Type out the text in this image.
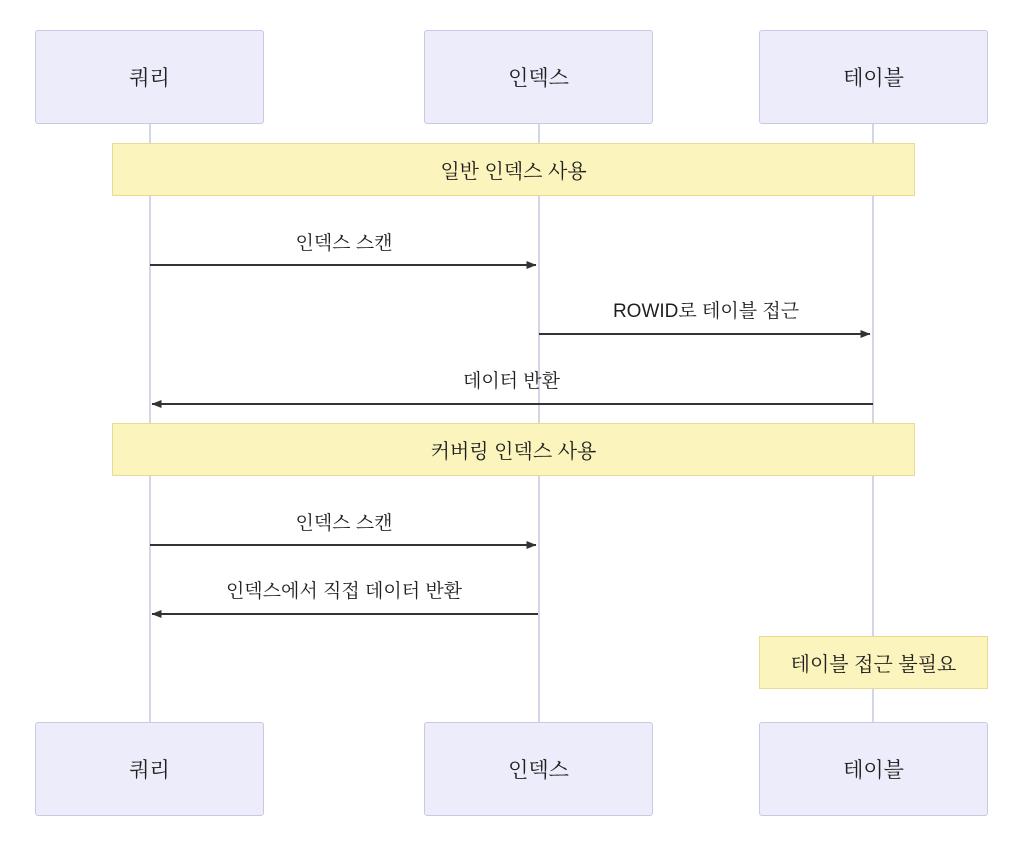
쿼리	인덱스	테이블
일반 인덱스 사용
커버링 인덱스 사용
테이블 접근 불필요
인덱스 스캔
ROWID로 테이블 접근
데이터 반환
인덱스 스캔
인덱스에서 직접 데이터 반환
쿼리	인덱스	테이블
